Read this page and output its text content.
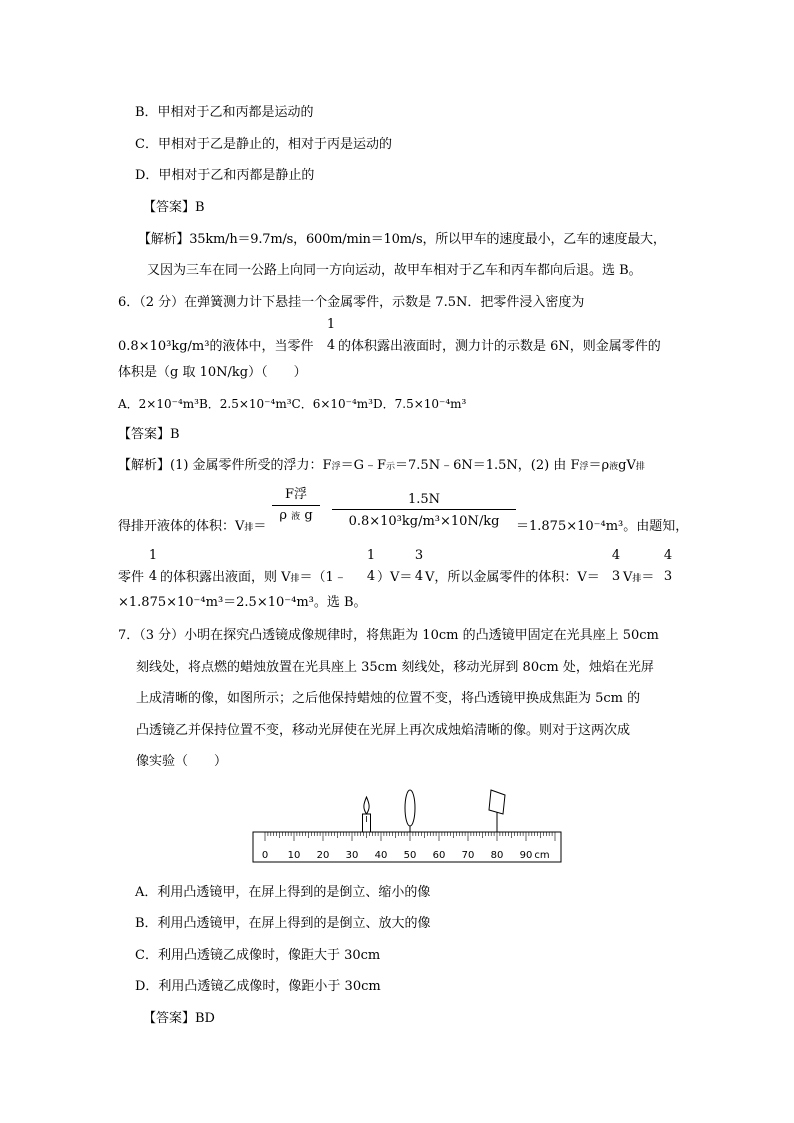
B．甲相对于乙和丙都是运动的
C．甲相对于乙是静止的，相对于丙是运动的
D．甲相对于乙和丙都是静止的
【答案】B
【解析】35km/h＝9.7m/s，600m/min＝10m/s，所以甲车的速度最小，乙车的速度最大，
又因为三车在同一公路上向同一方向运动，故甲车相对于乙车和丙车都向后退。选 B。
6．（2 分）在弹簧测力计下悬挂一个金属零件，示数是 7.5N．把零件浸入密度为
1
0.8×10³kg/m³的液体中，当零件 4 的体积露出液面时，测力计的示数是 6N，则金属零件的
体积是（g 取 10N/kg）（　　）
A．2×10⁻⁴m³B．2.5×10⁻⁴m³C．6×10⁻⁴m³D．7.5×10⁻⁴m³
【答案】B
【解析】(1) 金属零件所受的浮力：F浮＝G﹣F示＝7.5N﹣6N＝1.5N，(2) 由 F浮＝ρ液gV排
F浮
ρ 液 g
1.5N
0.8×10³kg/m³×10N/kg
得排开液体的体积：V排＝	＝1.875×10⁻⁴m³。由题知，
1
4
1
4
3
4
4
3
4
3
零件 的体积露出液面，则 V排＝（1﹣ ）V＝ V，所以金属零件的体积：V＝ V排＝
×1.875×10⁻⁴m³＝2.5×10⁻⁴m³。选 B。
7．（3 分）小明在探究凸透镜成像规律时，将焦距为 10cm 的凸透镜甲固定在光具座上 50cm
刻线处，将点燃的蜡烛放置在光具座上 35cm 刻线处，移动光屏到 80cm 处，烛焰在光屏
上成清晰的像，如图所示；之后他保持蜡烛的位置不变，将凸透镜甲换成焦距为 5cm 的
凸透镜乙并保持位置不变，移动光屏使在光屏上再次成烛焰清晰的像。则对于这两次成
像实验（　　）
0 10 20 30 40 50 60 70 80 90 cm
A．利用凸透镜甲，在屏上得到的是倒立、缩小的像
B．利用凸透镜甲，在屏上得到的是倒立、放大的像
C．利用凸透镜乙成像时，像距大于 30cm
D．利用凸透镜乙成像时，像距小于 30cm
【答案】BD
